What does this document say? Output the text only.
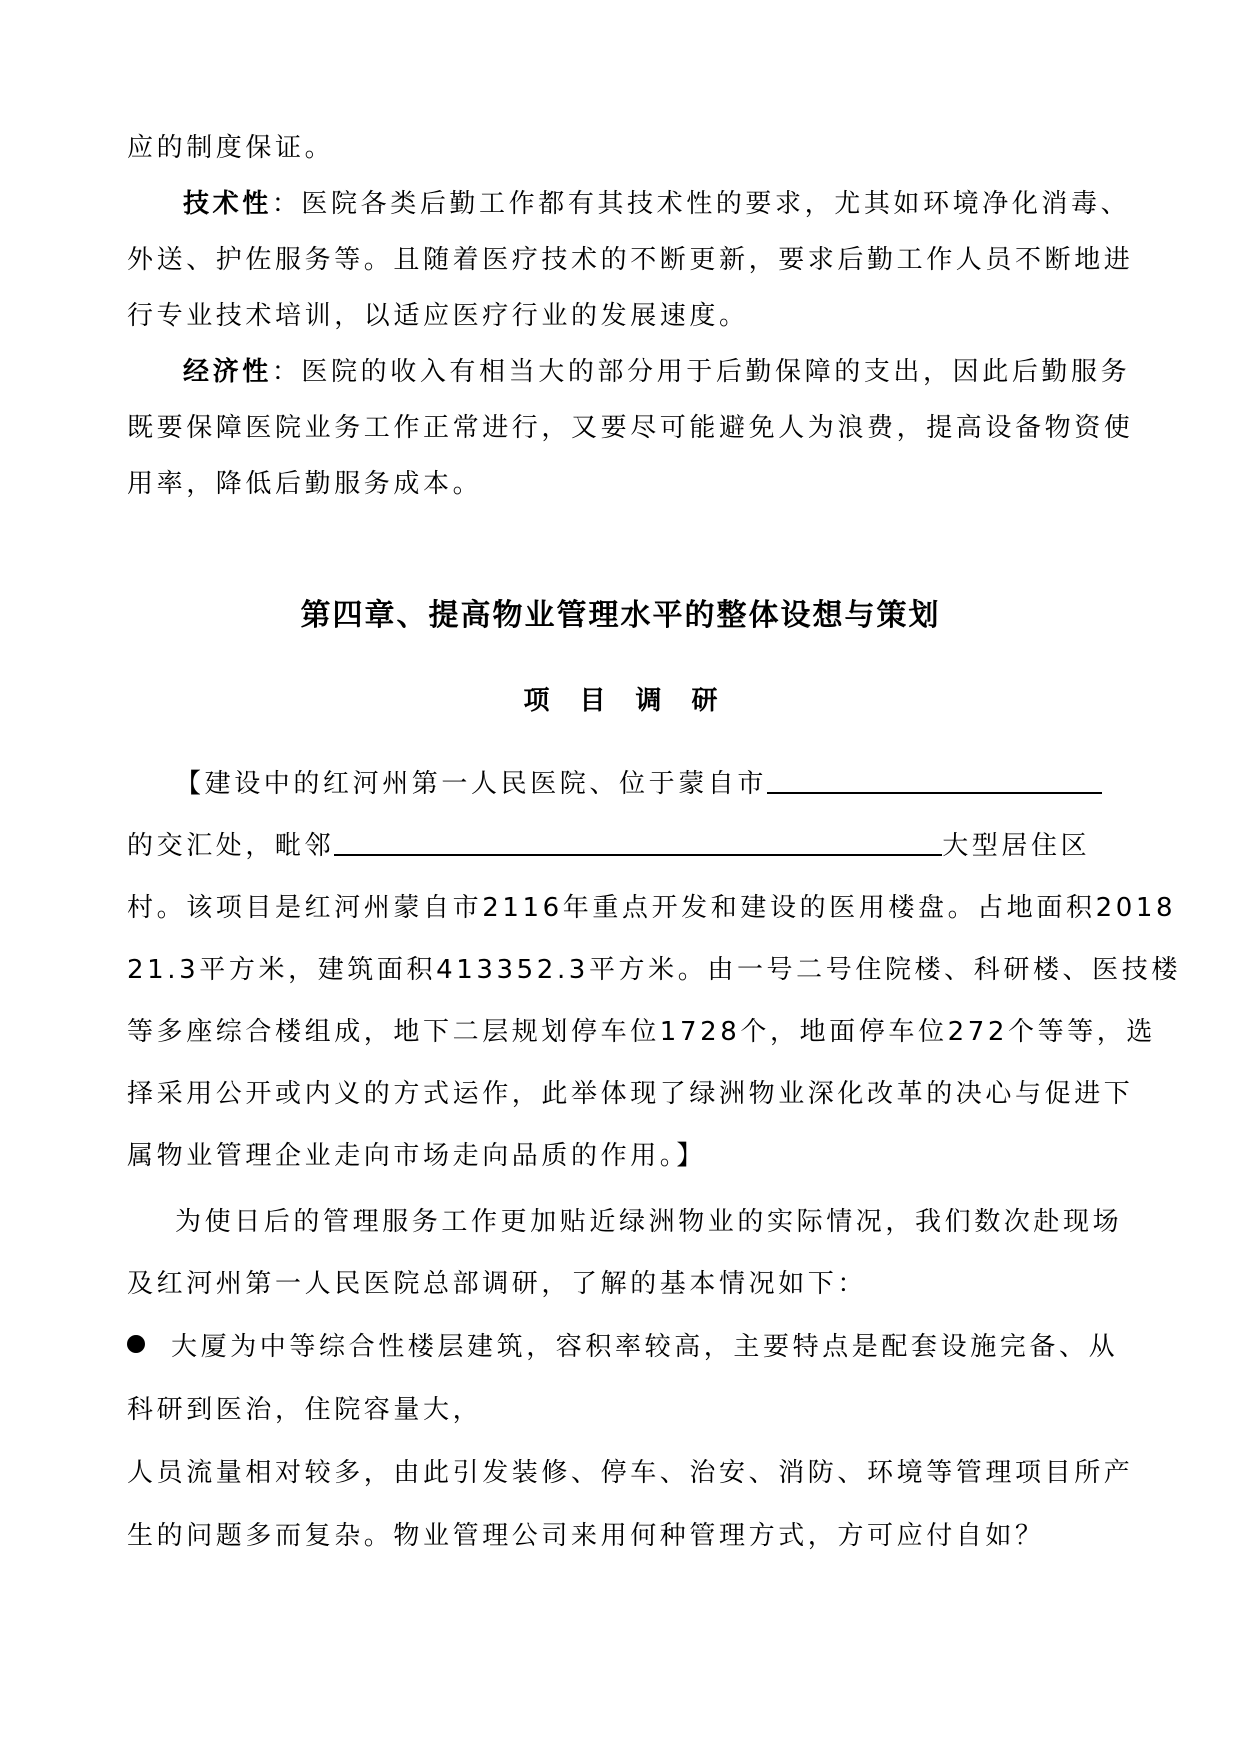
应的制度保证。
技术性：医院各类后勤工作都有其技术性的要求，尤其如环境净化消毒、
外送、护佐服务等。且随着医疗技术的不断更新，要求后勤工作人员不断地进
行专业技术培训，以适应医疗行业的发展速度。
经济性：医院的收入有相当大的部分用于后勤保障的支出，因此后勤服务
既要保障医院业务工作正常进行，又要尽可能避免人为浪费，提高设备物资使
用率，降低后勤服务成本。
第四章、提高物业管理水平的整体设想与策划
项目调研
【建设中的红河州第一人民医院、位于蒙自市
的交汇处，毗邻	大型居住区
村。该项目是红河州蒙自市2116年重点开发和建设的医用楼盘。占地面积2018
21.3平方米，建筑面积413352.3平方米。由一号二号住院楼、科研楼、医技楼
等多座综合楼组成，地下二层规划停车位1728个，地面停车位272个等等，选
择采用公开或内义的方式运作，此举体现了绿洲物业深化改革的决心与促进下
属物业管理企业走向市场走向品质的作用。】
为使日后的管理服务工作更加贴近绿洲物业的实际情况，我们数次赴现场
及红河州第一人民医院总部调研，了解的基本情况如下：
大厦为中等综合性楼层建筑，容积率较高，主要特点是配套设施完备、从
科研到医治，住院容量大，
人员流量相对较多，由此引发装修、停车、治安、消防、环境等管理项目所产
生的问题多而复杂。物业管理公司来用何种管理方式，方可应付自如？
